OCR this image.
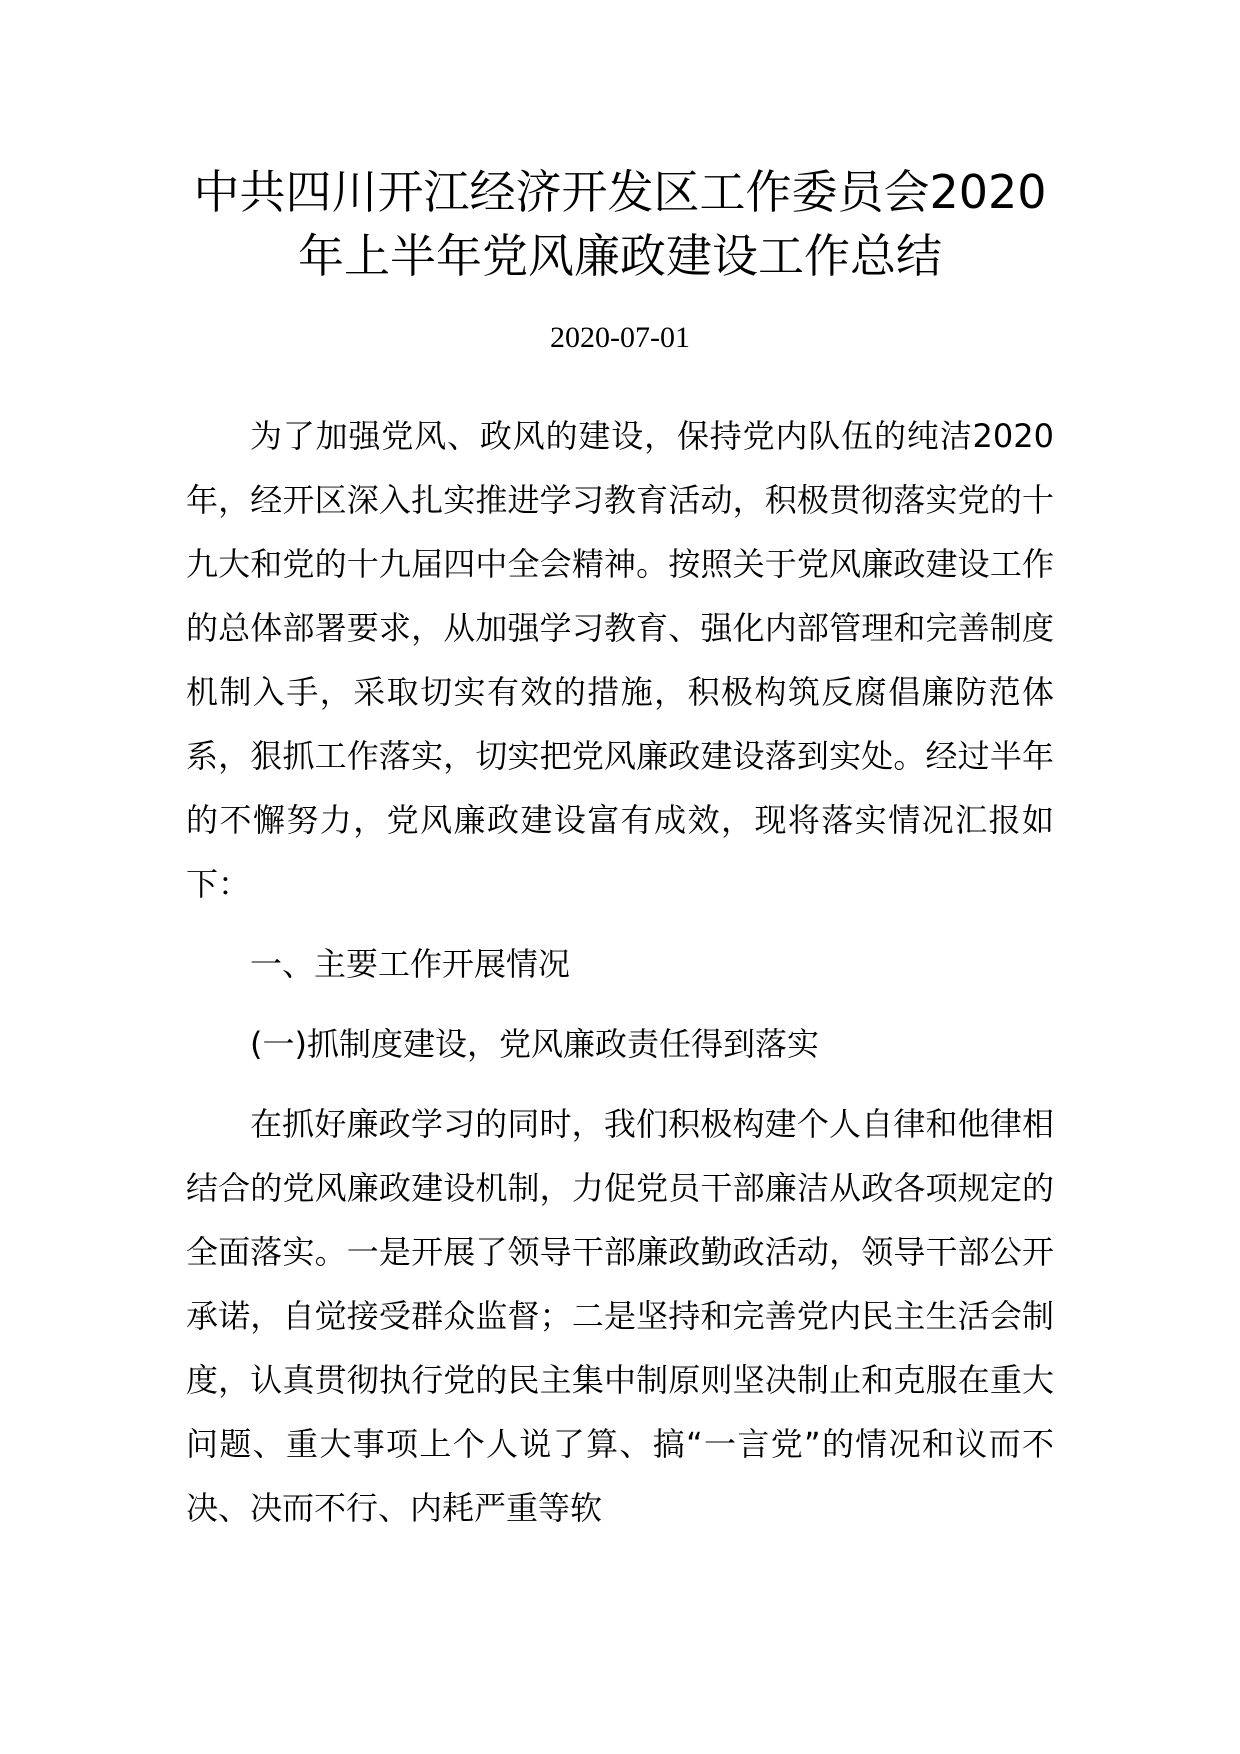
中共四川开江经济开发区工作委员会2020
年上半年党风廉政建设工作总结
2020-07-01

为了加强党风、政风的建设，保持党内队伍的纯洁2020年，经开区深入扎实推进学习教育活动，积极贯彻落实党的十九大和党的十九届四中全会精神。按照关于党风廉政建设工作的总体部署要求，从加强学习教育、强化内部管理和完善制度机制入手，采取切实有效的措施，积极构筑反腐倡廉防范体系，狠抓工作落实，切实把党风廉政建设落到实处。经过半年的不懈努力，党风廉政建设富有成效，现将落实情况汇报如下：

一、主要工作开展情况

(一)抓制度建设，党风廉政责任得到落实

在抓好廉政学习的同时，我们积极构建个人自律和他律相结合的党风廉政建设机制，力促党员干部廉洁从政各项规定的全面落实。一是开展了领导干部廉政勤政活动，领导干部公开承诺，自觉接受群众监督；二是坚持和完善党内民主生活会制度，认真贯彻执行党的民主集中制原则坚决制止和克服在重大问题、重大事项上个人说了算、搞“一言党”的情况和议而不决、决而不行、内耗严重等软
